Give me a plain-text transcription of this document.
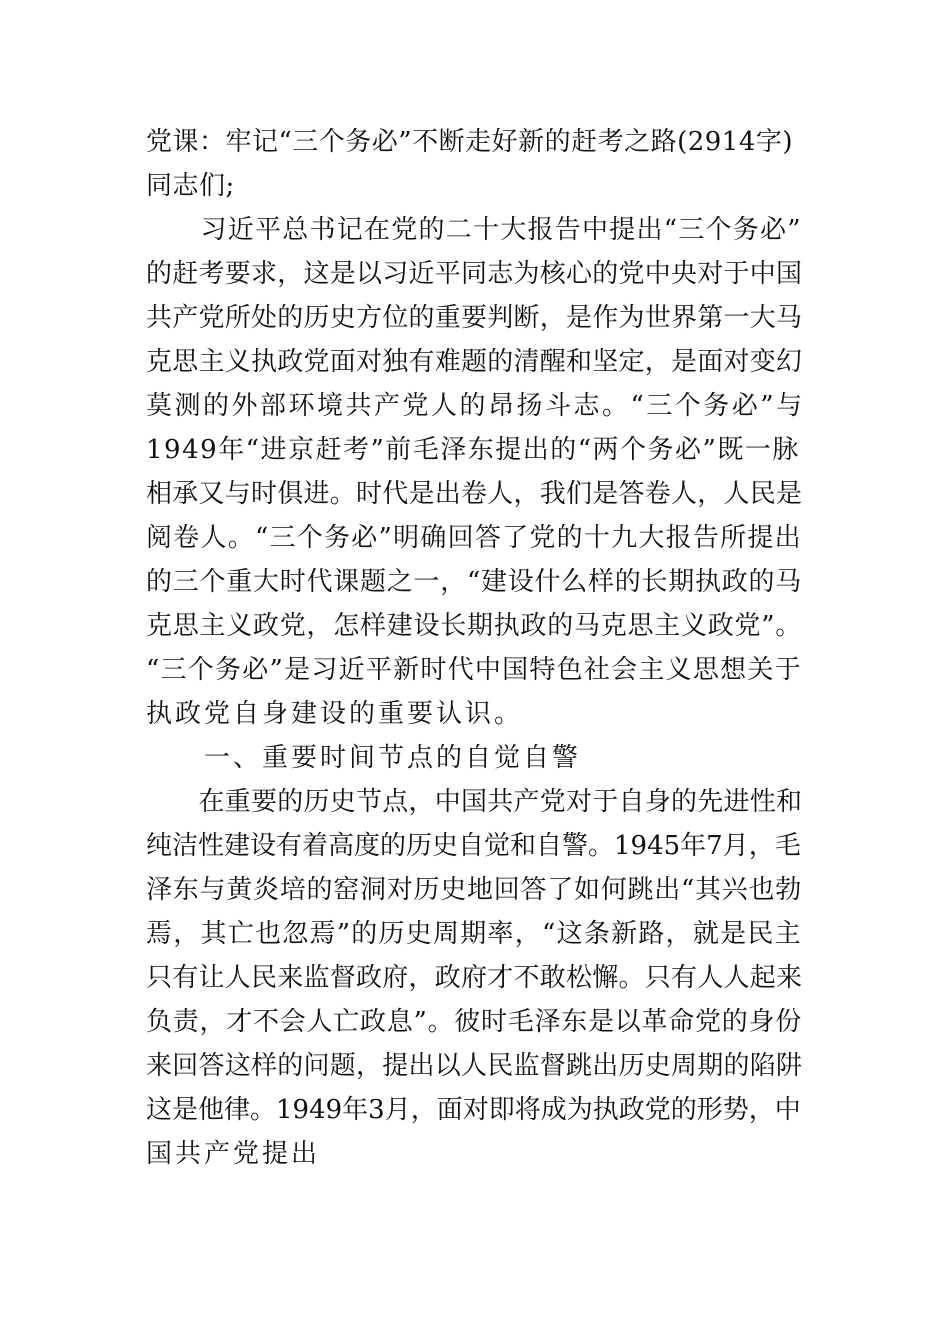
党课：牢记“三个务必”不断走好新的赶考之路(2914字)
同志们;
　　习近平总书记在党的二十大报告中提出“三个务必”
的赶考要求，这是以习近平同志为核心的党中央对于中国
共产党所处的历史方位的重要判断，是作为世界第一大马
克思主义执政党面对独有难题的清醒和坚定，是面对变幻
莫测的外部环境共产党人的昂扬斗志。“三个务必”与
1949年“进京赶考”前毛泽东提出的“两个务必”既一脉
相承又与时俱进。时代是出卷人，我们是答卷人，人民是
阅卷人。“三个务必”明确回答了党的十九大报告所提出
的三个重大时代课题之一，“建设什么样的长期执政的马
克思主义政党，怎样建设长期执政的马克思主义政党”。
“三个务必”是习近平新时代中国特色社会主义思想关于
执政党自身建设的重要认识。
　　一、重要时间节点的自觉自警
　　在重要的历史节点，中国共产党对于自身的先进性和
纯洁性建设有着高度的历史自觉和自警。1945年7月，毛
泽东与黄炎培的窑洞对历史地回答了如何跳出“其兴也勃
焉，其亡也忽焉”的历史周期率，“这条新路，就是民主
只有让人民来监督政府，政府才不敢松懈。只有人人起来
负责，才不会人亡政息”。彼时毛泽东是以革命党的身份
来回答这样的问题，提出以人民监督跳出历史周期的陷阱
这是他律。1949年3月，面对即将成为执政党的形势，中
国共产党提出
